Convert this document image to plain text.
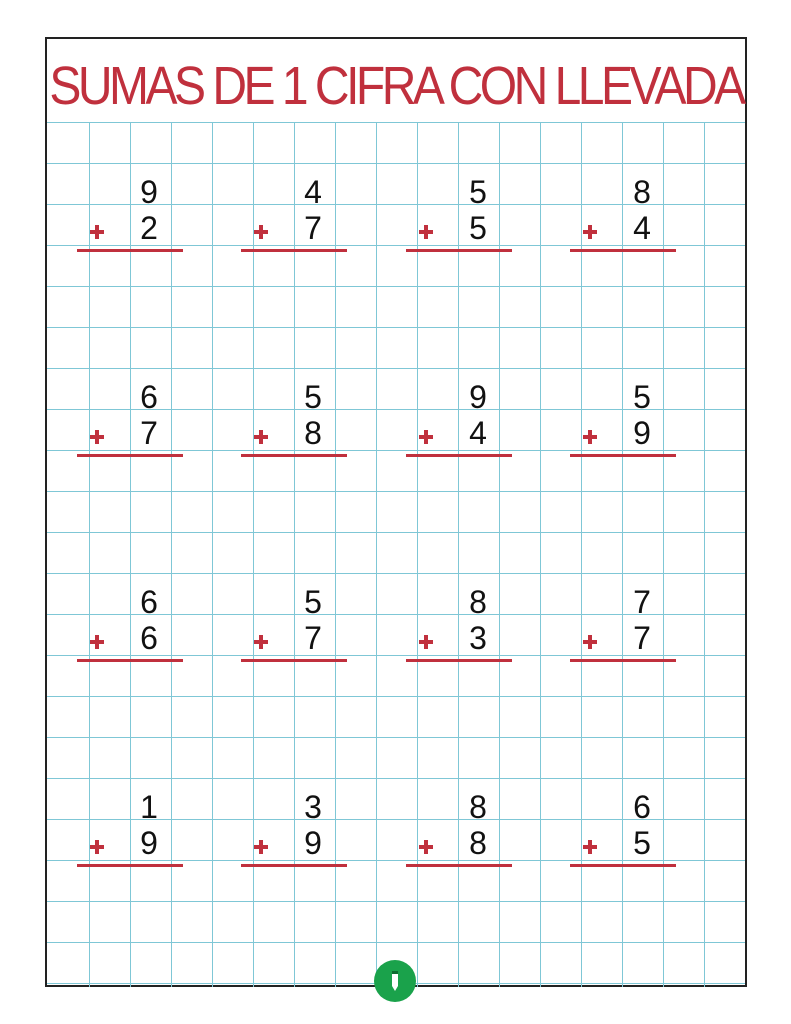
SUMAS DE 1 CIFRA CON LLEVADA
9
2
4
7
5
5
8
4
6
7
5
8
9
4
5
9
6
6
5
7
8
3
7
7
1
9
3
9
8
8
6
5
